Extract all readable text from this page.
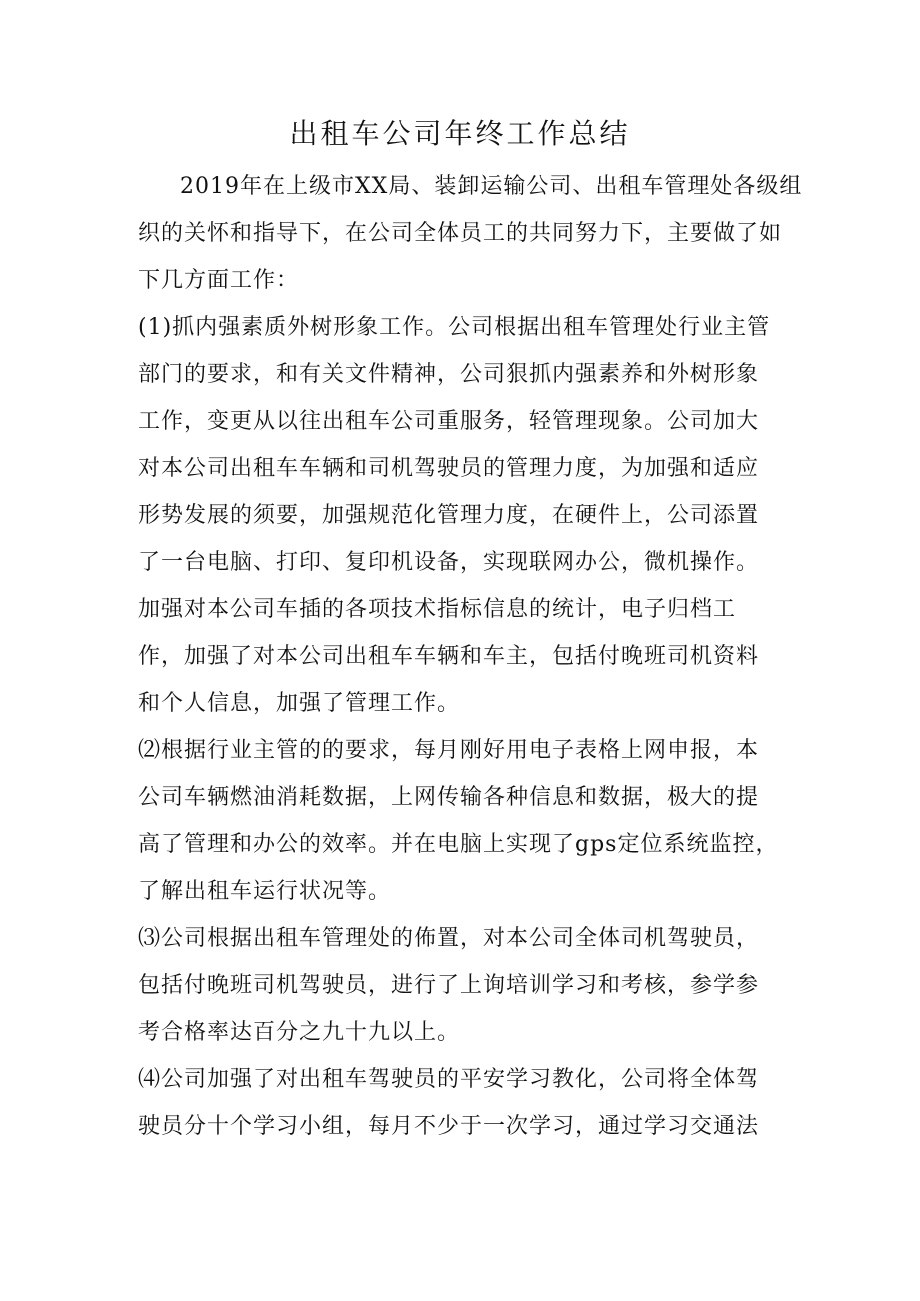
出租车公司年终工作总结
2019年在上级市XX局、装卸运输公司、出租车管理处各级组
织的关怀和指导下，在公司全体员工的共同努力下，主要做了如
下几方面工作：
(1)抓内强素质外树形象工作。公司根据出租车管理处行业主管
部门的要求，和有关文件精神，公司狠抓内强素养和外树形象
工作，变更从以往出租车公司重服务，轻管理现象。公司加大
对本公司出租车车辆和司机驾驶员的管理力度，为加强和适应
形势发展的须要，加强规范化管理力度，在硬件上，公司添置
了一台电脑、打印、复印机设备，实现联网办公，微机操作。
加强对本公司车插的各项技术指标信息的统计，电子归档工
作，加强了对本公司出租车车辆和车主，包括付晚班司机资料
和个人信息，加强了管理工作。
⑵根据行业主管的的要求，每月刚好用电子表格上网申报，本
公司车辆燃油消耗数据，上网传输各种信息和数据，极大的提
高了管理和办公的效率。并在电脑上实现了gps定位系统监控，
了解出租车运行状况等。
⑶公司根据出租车管理处的佈置，对本公司全体司机驾驶员，
包括付晚班司机驾驶员，进行了上询培训学习和考核，参学参
考合格率达百分之九十九以上。
⑷公司加强了对出租车驾驶员的平安学习教化，公司将全体驾
驶员分十个学习小组，每月不少于一次学习，通过学习交通法
